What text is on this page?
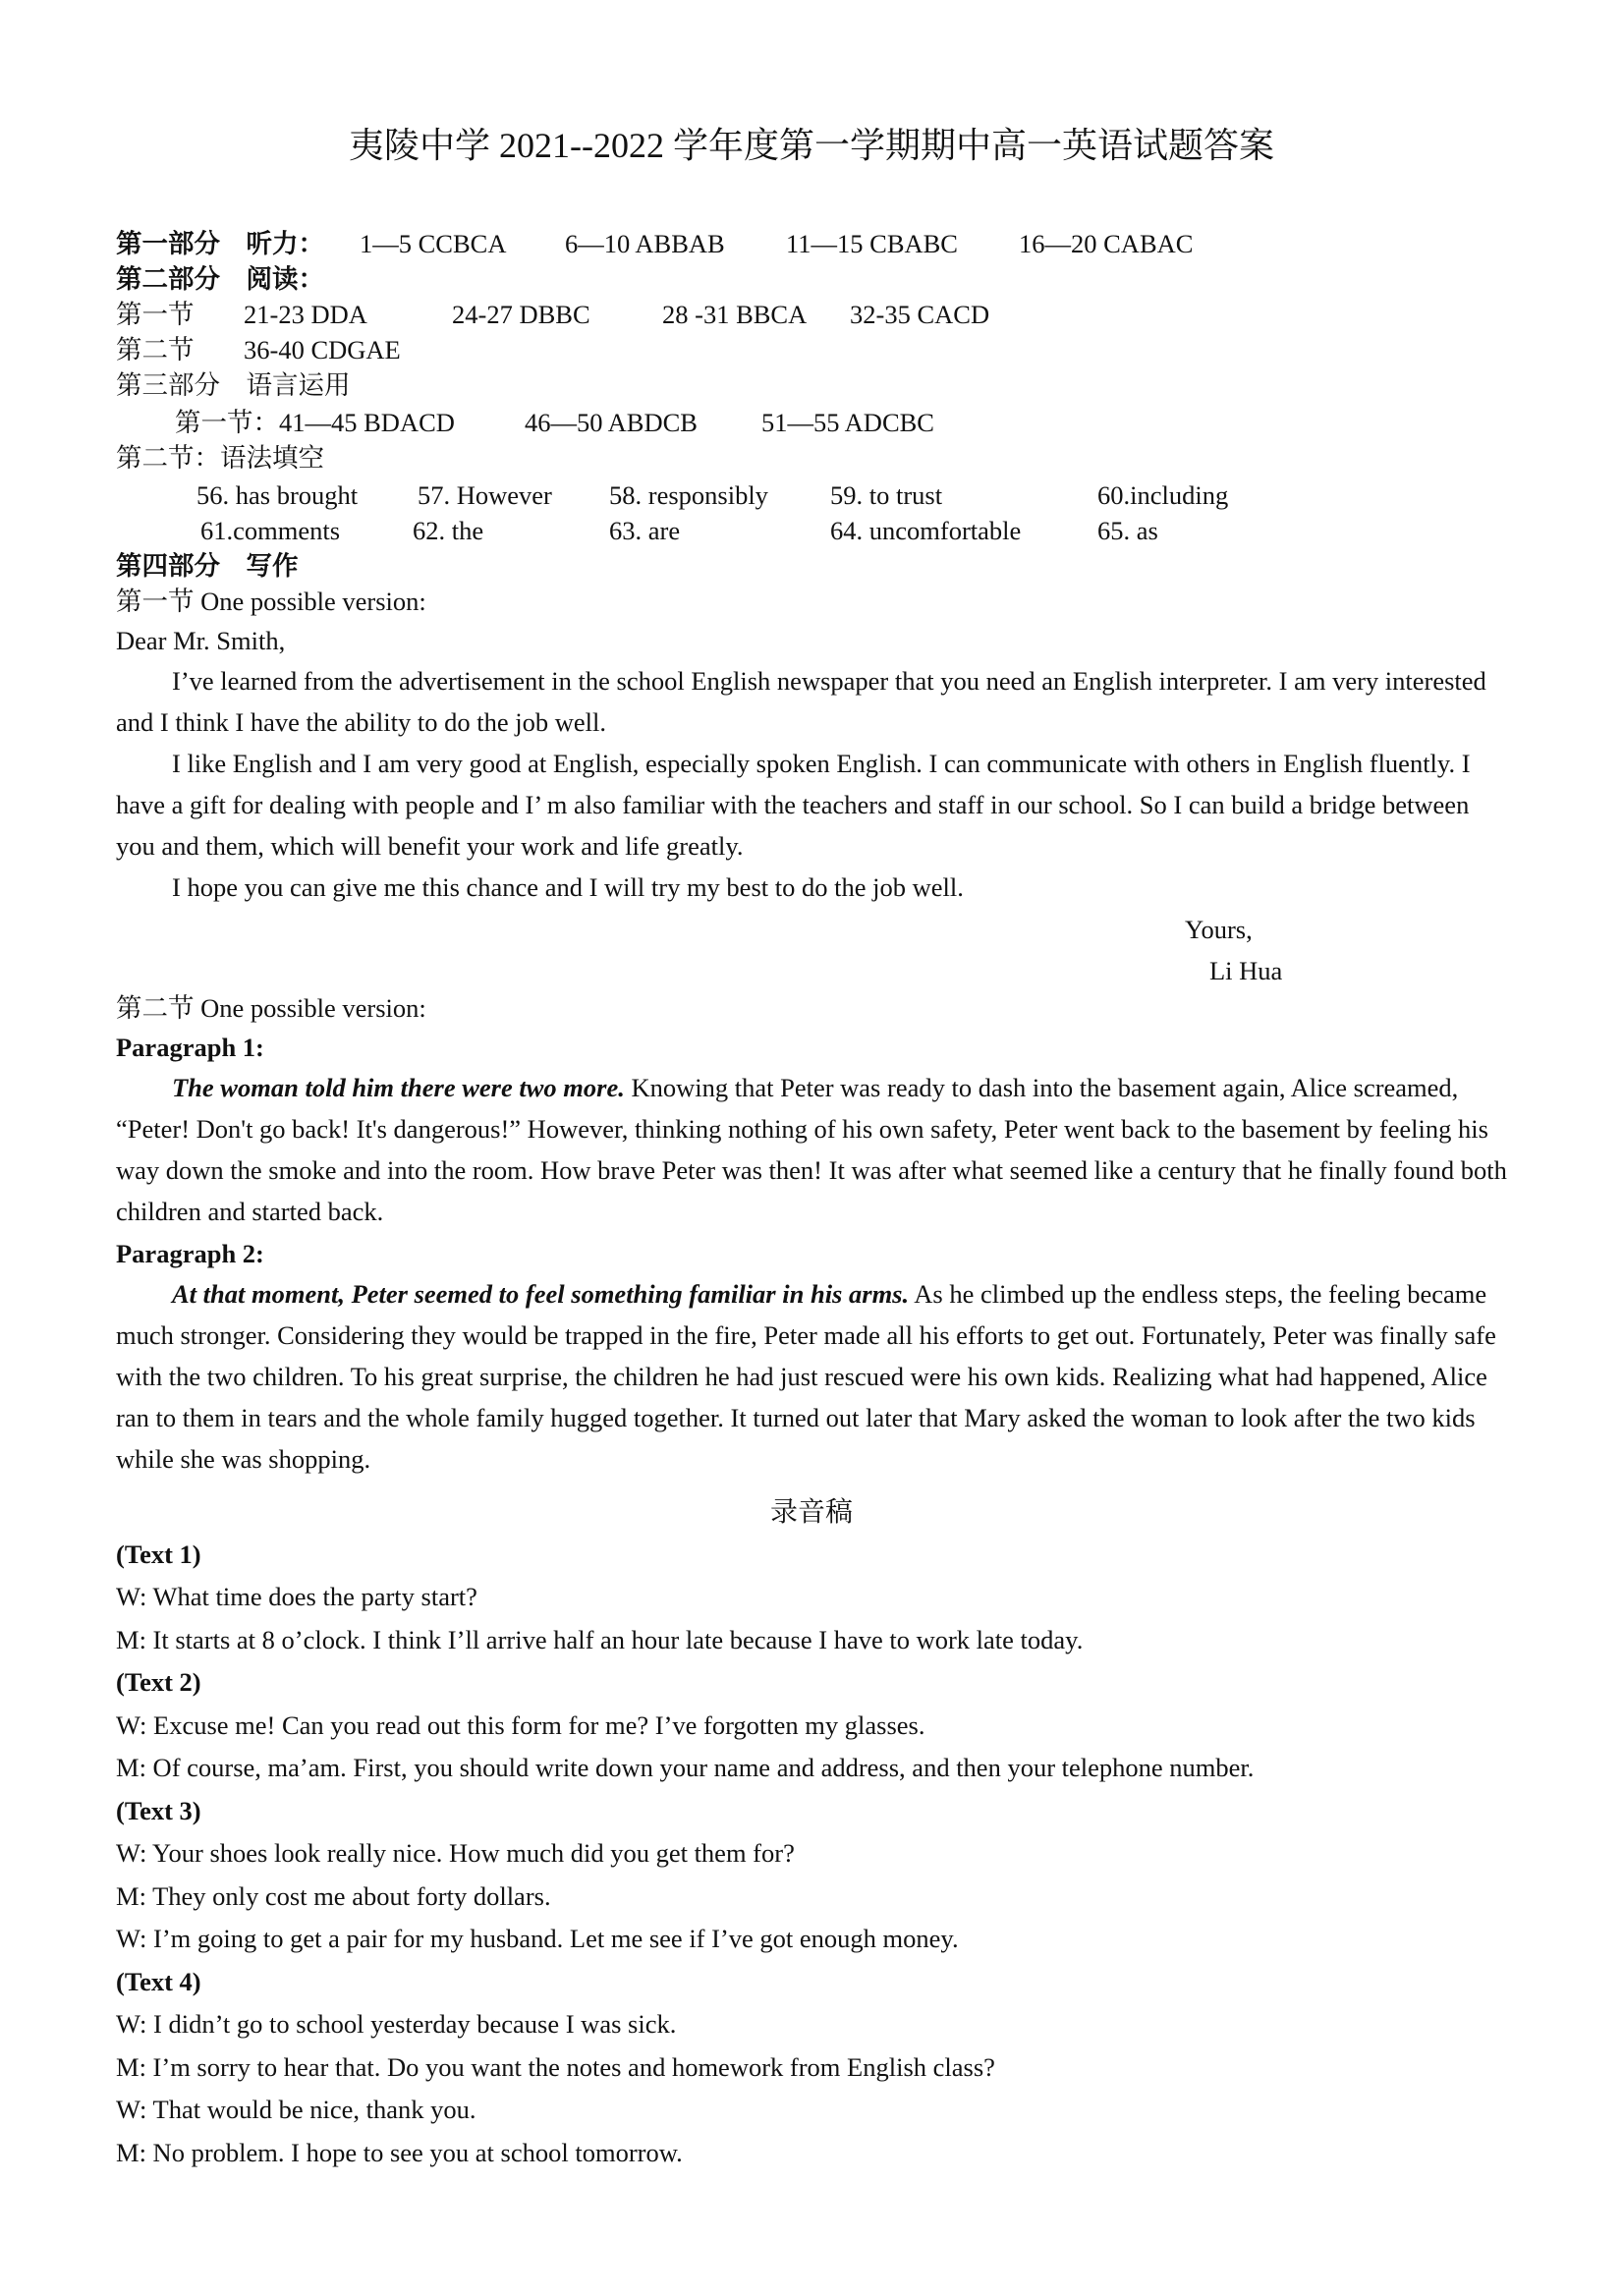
夷陵中学 2021--2022 学年度第一学期期中高一英语试题答案
第一部分　听力： 1—5 CCBCA 6—10 ABBAB 11—15 CBABC 16—20 CABAC
第二部分　阅读：
第一节 21-23 DDA	24-27 DBBC	28 -31 BBCA 32-35 CACD
第二节 36-40 CDGAE
第三部分　语言运用
第一节：41—45 BDACD	46—50 ABDCB 51—55 ADCBC
第二节：语法填空
56. has brought 57. However 58. responsibly 59. to trust	60.including
61.comments	62. the	63. are	64. uncomfortable	65. as
第四部分　写作
第一节 One possible version:
Dear Mr. Smith,
I’ve learned from the advertisement in the school English newspaper that you need an English interpreter. I am very interested and I think I have the ability to do the job well.
I like English and I am very good at English, especially spoken English. I can communicate with others in English fluently. I have a gift for dealing with people and I’ m also familiar with the teachers and staff in our school. So I can build a bridge between you and them, which will benefit your work and life greatly.
I hope you can give me this chance and I will try my best to do the job well.
Yours,
Li Hua
第二节 One possible version:
Paragraph 1:
The woman told him there were two more. Knowing that Peter was ready to dash into the basement again, Alice screamed, “Peter! Don't go back! It's dangerous!” However, thinking nothing of his own safety, Peter went back to the basement by feeling his way down the smoke and into the room. How brave Peter was then! It was after what seemed like a century that he finally found both children and started back.
Paragraph 2:
At that moment, Peter seemed to feel something familiar in his arms. As he climbed up the endless steps, the feeling became much stronger. Considering they would be trapped in the fire, Peter made all his efforts to get out. Fortunately, Peter was finally safe with the two children. To his great surprise, the children he had just rescued were his own kids. Realizing what had happened, Alice ran to them in tears and the whole family hugged together. It turned out later that Mary asked the woman to look after the two kids while she was shopping.
录音稿
(Text 1)
W: What time does the party start?
M: It starts at 8 o’clock. I think I’ll arrive half an hour late because I have to work late today.
(Text 2)
W: Excuse me! Can you read out this form for me? I’ve forgotten my glasses.
M: Of course, ma’am. First, you should write down your name and address, and then your telephone number.
(Text 3)
W: Your shoes look really nice. How much did you get them for?
M: They only cost me about forty dollars.
W: I’m going to get a pair for my husband. Let me see if I’ve got enough money.
(Text 4)
W: I didn’t go to school yesterday because I was sick.
M: I’m sorry to hear that. Do you want the notes and homework from English class?
W: That would be nice, thank you.
M: No problem. I hope to see you at school tomorrow.
